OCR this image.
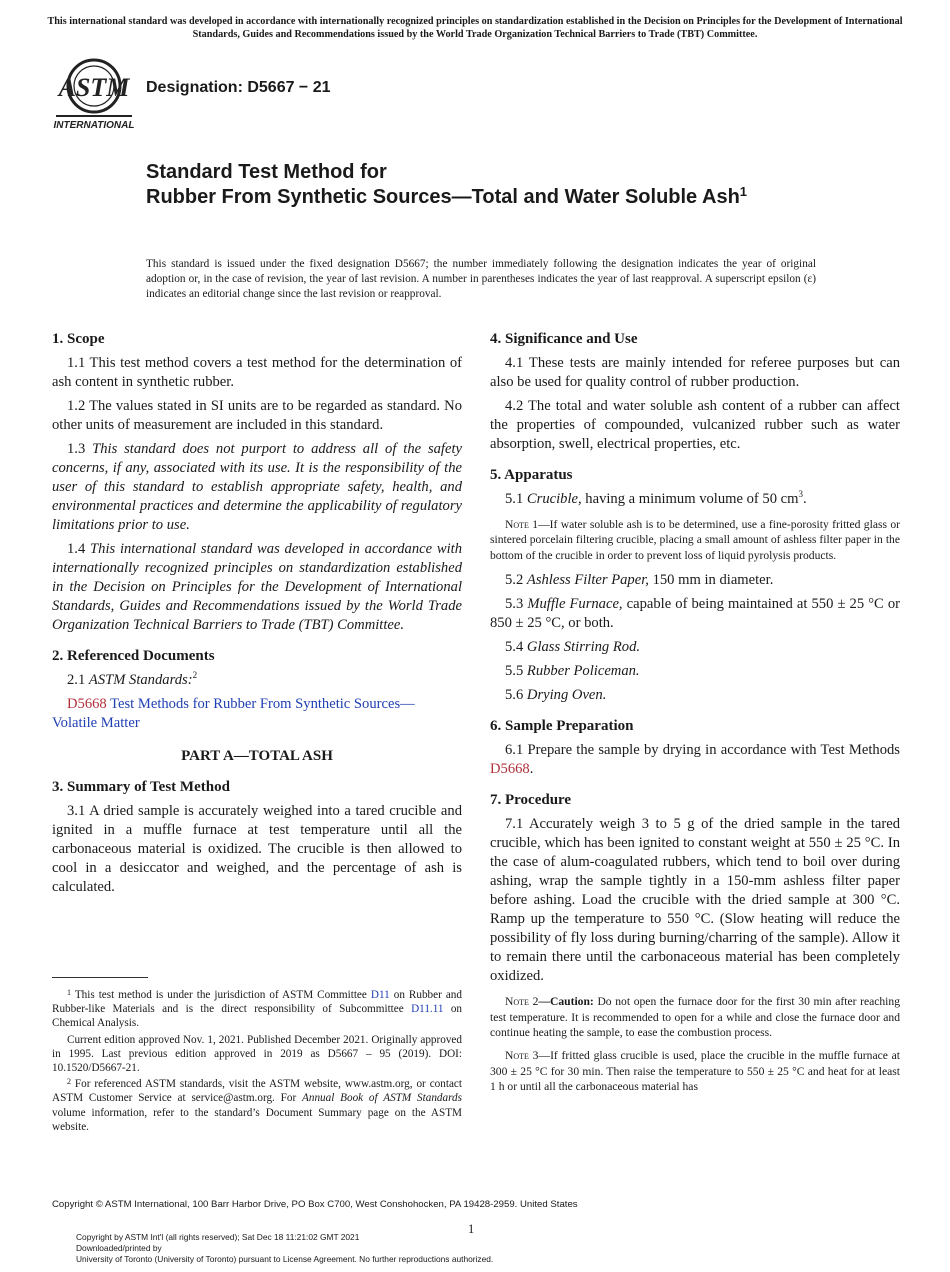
This international standard was developed in accordance with internationally recognized principles on standardization established in the Decision on Principles for the Development of International Standards, Guides and Recommendations issued by the World Trade Organization Technical Barriers to Trade (TBT) Committee.
ASTM
INTERNATIONAL
Designation: D5667 − 21
Standard Test Method for
Rubber From Synthetic Sources—Total and Water Soluble Ash$^1$
This standard is issued under the fixed designation D5667; the number immediately following the designation indicates the year of original adoption or, in the case of revision, the year of last revision. A number in parentheses indicates the year of last reapproval. A superscript epsilon (ε) indicates an editorial change since the last revision or reapproval.
1. Scope

1.1 This test method covers a test method for the determination of ash content in synthetic rubber.

1.2 The values stated in SI units are to be regarded as standard. No other units of measurement are included in this standard.

1.3 This standard does not purport to address all of the safety concerns, if any, associated with its use. It is the responsibility of the user of this standard to establish appropriate safety, health, and environmental practices and determine the applicability of regulatory limitations prior to use.

1.4 This international standard was developed in accordance with internationally recognized principles on standardization established in the Decision on Principles for the Development of International Standards, Guides and Recommendations issued by the World Trade Organization Technical Barriers to Trade (TBT) Committee.

2. Referenced Documents

2.1 ASTM Standards:$^2$

D5668 Test Methods for Rubber From Synthetic Sources—

Volatile Matter

PART A—TOTAL ASH
3. Summary of Test Method

3.1 A dried sample is accurately weighed into a tared crucible and ignited in a muffle furnace at test temperature until all the carbonaceous material is oxidized. The crucible is then allowed to cool in a desiccator and weighed, and the percentage of ash is calculated.

4. Significance and Use

4.1 These tests are mainly intended for referee purposes but can also be used for quality control of rubber production.

4.2 The total and water soluble ash content of a rubber can affect the properties of compounded, vulcanized rubber such as water absorption, swell, electrical properties, etc.

5. Apparatus

5.1 Crucible, having a minimum volume of 50 $cm^3$.

Note 1—If water soluble ash is to be determined, use a fine-porosity fritted glass or sintered porcelain filtering crucible, placing a small amount of ashless filter paper in the bottom of the crucible in order to prevent loss of liquid pyrolysis products.

5.2 Ashless Filter Paper, 150 mm in diameter.

5.3 Muffle Furnace, capable of being maintained at 550 ± 25 °C or 850 ± 25 °C, or both.

5.4 Glass Stirring Rod.

5.5 Rubber Policeman.

5.6 Drying Oven.

6. Sample Preparation

6.1 Prepare the sample by drying in accordance with Test Methods D5668.

7. Procedure

7.1 Accurately weigh 3 to 5 g of the dried sample in the tared crucible, which has been ignited to constant weight at 550 ± 25 °C. In the case of alum-coagulated rubbers, which tend to boil over during ashing, wrap the sample tightly in a 150-mm ashless filter paper before ashing. Load the crucible with the dried sample at 300 °C. Ramp up the temperature to 550 °C. (Slow heating will reduce the possibility of fly loss during burning/charring of the sample). Allow it to remain there until the carbonaceous material has been completely oxidized.

Note 2—Caution: Do not open the furnace door for the first 30 min after reaching test temperature. It is recommended to open for a while and close the furnace door and continue heating the sample, to ease the combustion process.

Note 3—If fritted glass crucible is used, place the crucible in the muffle furnace at 300 ± 25 °C for 30 min. Then raise the temperature to 550 ± 25 °C and heat for at least 1 h or until all the carbonaceous material has

$^1$ This test method is under the jurisdiction of ASTM Committee D11 on Rubber and Rubber-like Materials and is the direct responsibility of Subcommittee D11.11 on Chemical Analysis.

Current edition approved Nov. 1, 2021. Published December 2021. Originally approved in 1995. Last previous edition approved in 2019 as D5667 – 95 (2019). DOI: 10.1520/D5667-21.

$^2$ For referenced ASTM standards, visit the ASTM website, www.astm.org, or contact ASTM Customer Service at service@astm.org. For Annual Book of ASTM Standards volume information, refer to the standard’s Document Summary page on the ASTM website.

Copyright © ASTM International, 100 Barr Harbor Drive, PO Box C700, West Conshohocken, PA 19428-2959. United States
1
Copyright by ASTM Int'l (all rights reserved); Sat Dec 18 11:21:02 GMT 2021
Downloaded/printed by
University of Toronto (University of Toronto) pursuant to License Agreement. No further reproductions authorized.
